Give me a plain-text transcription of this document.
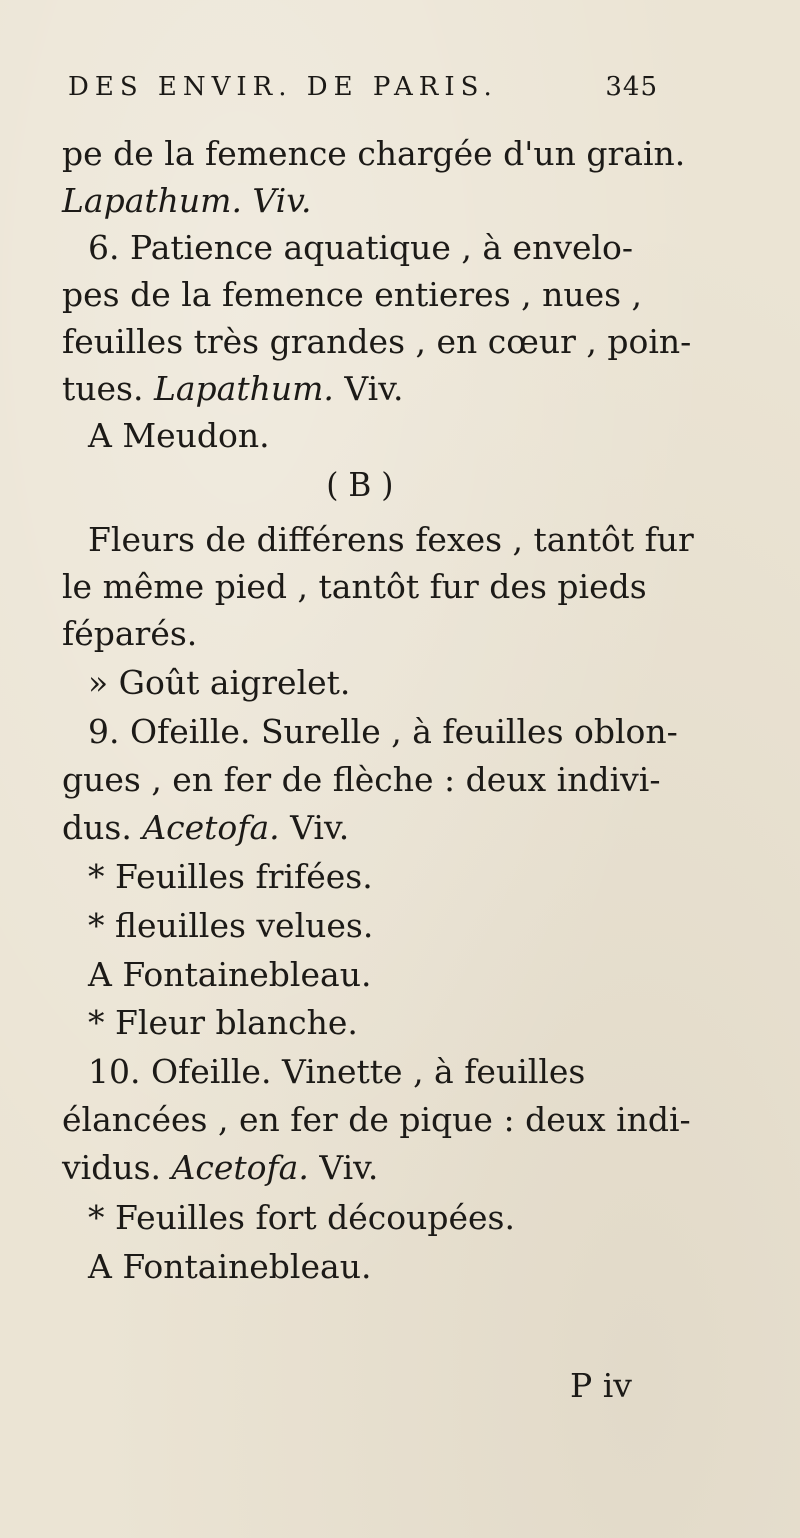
DES ENVIR. DE PARIS.	345
pe de la femence chargée d'un grain.
Lapathum. Viv.
6. Patience aquatique , à envelo-
pes de la femence entieres , nues ,
feuilles très grandes , en cœur , poin-
tues. Lapathum. Viv.
A Meudon.
( B )
Fleurs de différens fexes , tantôt fur
le même pied , tantôt fur des pieds
féparés.
» Goût aigrelet.
9. Ofeille. Surelle , à feuilles oblon-
gues , en fer de flèche : deux indivi-
dus. Acetofa. Viv.
* Feuilles frifées.
* fleuilles velues.
A Fontainebleau.
* Fleur blanche.
10. Ofeille. Vinette , à feuilles
élancées , en fer de pique : deux indi-
vidus. Acetofa. Viv.
* Feuilles fort découpées.
A Fontainebleau.
P iv
